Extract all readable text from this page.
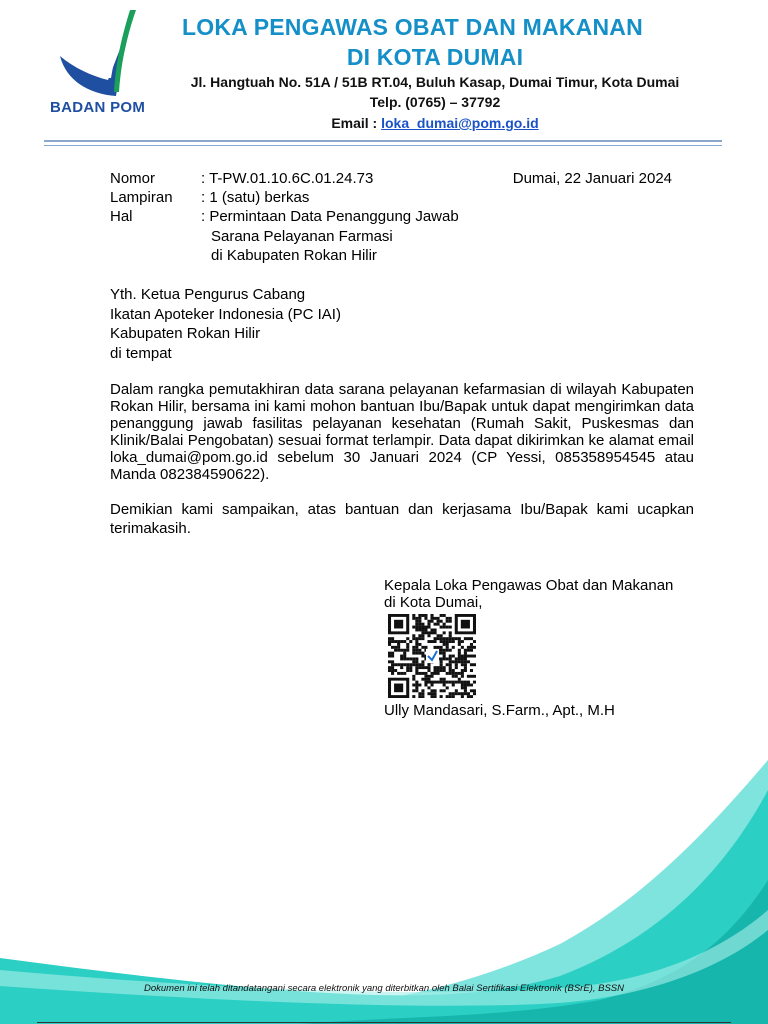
BADAN POM
LOKA PENGAWAS OBAT DAN MAKANAN
DI KOTA DUMAI
Jl. Hangtuah No. 51A / 51B RT.04, Buluh Kasap, Dumai Timur, Kota Dumai
Telp. (0765) – 37792
Email : loka_dumai@pom.go.id
Nomor	: T-PW.01.10.6C.01.24.73
Lampiran : 1 (satu) berkas
Hal	: Permintaan Data Penanggung Jawab
Sarana Pelayanan Farmasi
di Kabupaten Rokan Hilir
Dumai, 22 Januari 2024
Yth. Ketua Pengurus Cabang
Ikatan Apoteker Indonesia (PC IAI)
Kabupaten Rokan Hilir
di tempat
Dalam rangka pemutakhiran data sarana pelayanan kefarmasian di wilayah Kabupaten Rokan Hilir, bersama ini kami mohon bantuan Ibu/Bapak untuk dapat mengirimkan data penanggung jawab fasilitas pelayanan kesehatan (Rumah Sakit, Puskesmas dan Klinik/Balai Pengobatan) sesuai format terlampir. Data dapat dikirimkan ke alamat email loka_dumai@pom.go.id sebelum 30 Januari 2024 (CP Yessi, 085358954545 atau Manda 082384590622).
Demikian kami sampaikan, atas bantuan dan kerjasama Ibu/Bapak kami ucapkan terimakasih.
Kepala Loka Pengawas Obat dan Makanan
di Kota Dumai,
Ully Mandasari, S.Farm., Apt., M.H
Dokumen ini telah ditandatangani secara elektronik yang diterbitkan oleh Balai Sertifikasi Elektronik (BSrE), BSSN
